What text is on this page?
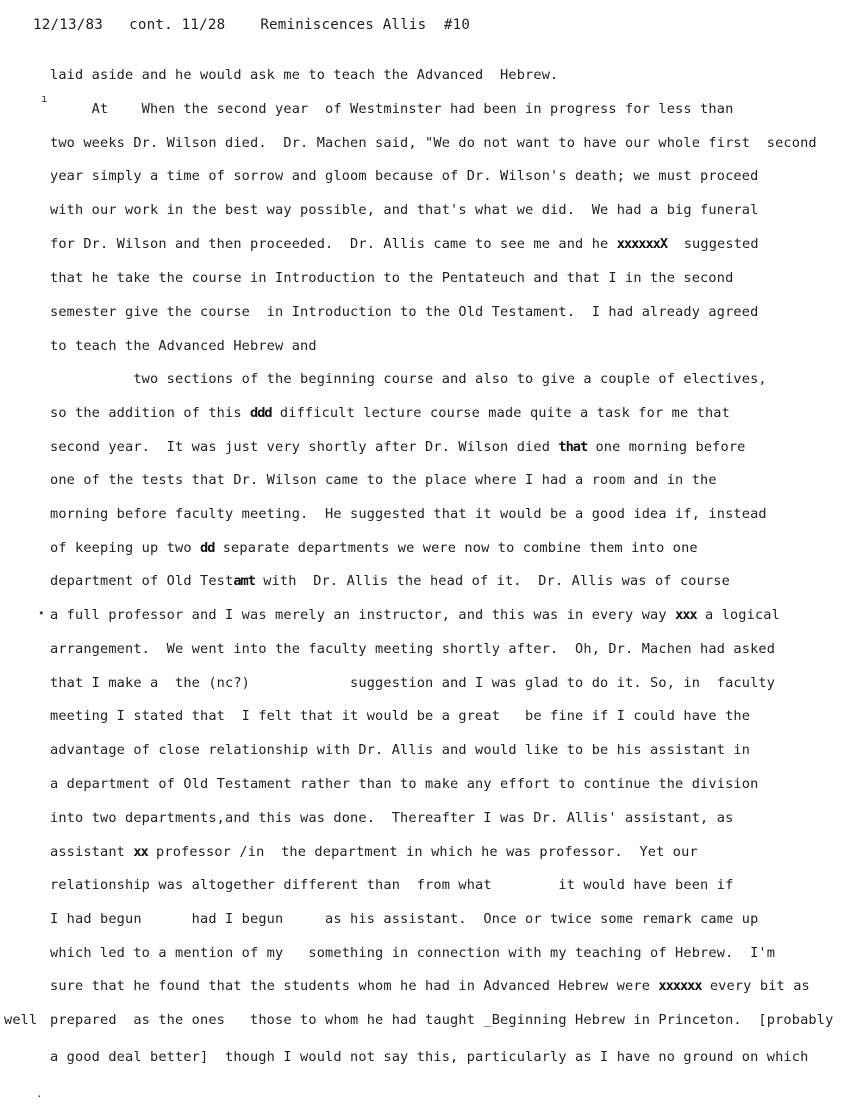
12/13/83 cont. 11/28 Reminiscences Allis #10
laid aside and he would ask me to teach the Advanced  Hebrew.
At    When the second year  of Westminster had been in progress for less than
two weeks Dr. Wilson died.  Dr. Machen said, "We do not want to have our whole first  second
year simply a time of sorrow and gloom because of Dr. Wilson's death; we must proceed
with our work in the best way possible, and that's what we did.  We had a big funeral
for Dr. Wilson and then proceeded.  Dr. Allis came to see me and he xxxxxxX  suggested
that he take the course in Introduction to the Pentateuch and that I in the second
semester give the course  in Introduction to the Old Testament.  I had already agreed
to teach the Advanced Hebrew and
two sections of the beginning course and also to give a couple of electives,
so the addition of this ddd difficult lecture course made quite a task for me that
second year.  It was just very shortly after Dr. Wilson died that one morning before
one of the tests that Dr. Wilson came to the place where I had a room and in the
morning before faculty meeting.  He suggested that it would be a good idea if, instead
of keeping up two dd separate departments we were now to combine them into one
department of Old Testamt with  Dr. Allis the head of it.  Dr. Allis was of course
a full professor and I was merely an instructor, and this was in every way xxx a logical
arrangement.  We went into the faculty meeting shortly after.  Oh, Dr. Machen had asked
that I make a  the (nc?)            suggestion and I was glad to do it. So, in  faculty
meeting I stated that  I felt that it would be a great   be fine if I could have the
advantage of close relationship with Dr. Allis and would like to be his assistant in
a department of Old Testament rather than to make any effort to continue the division
into two departments,and this was done.  Thereafter I was Dr. Allis' assistant, as
assistant xx professor /in  the department in which he was professor.  Yet our
relationship was altogether different than  from what        it would have been if
I had begun      had I begun     as his assistant.  Once or twice some remark came up
which led to a mention of my   something in connection with my teaching of Hebrew.  I'm
sure that he found that the students whom he had in Advanced Hebrew were xxxxxx every bit as
well prepared  as the ones   those to whom he had taught _Beginning Hebrew in Princeton.  [probably
a good deal better]  though I would not say this, particularly as I have no ground on which
ı
•
·
